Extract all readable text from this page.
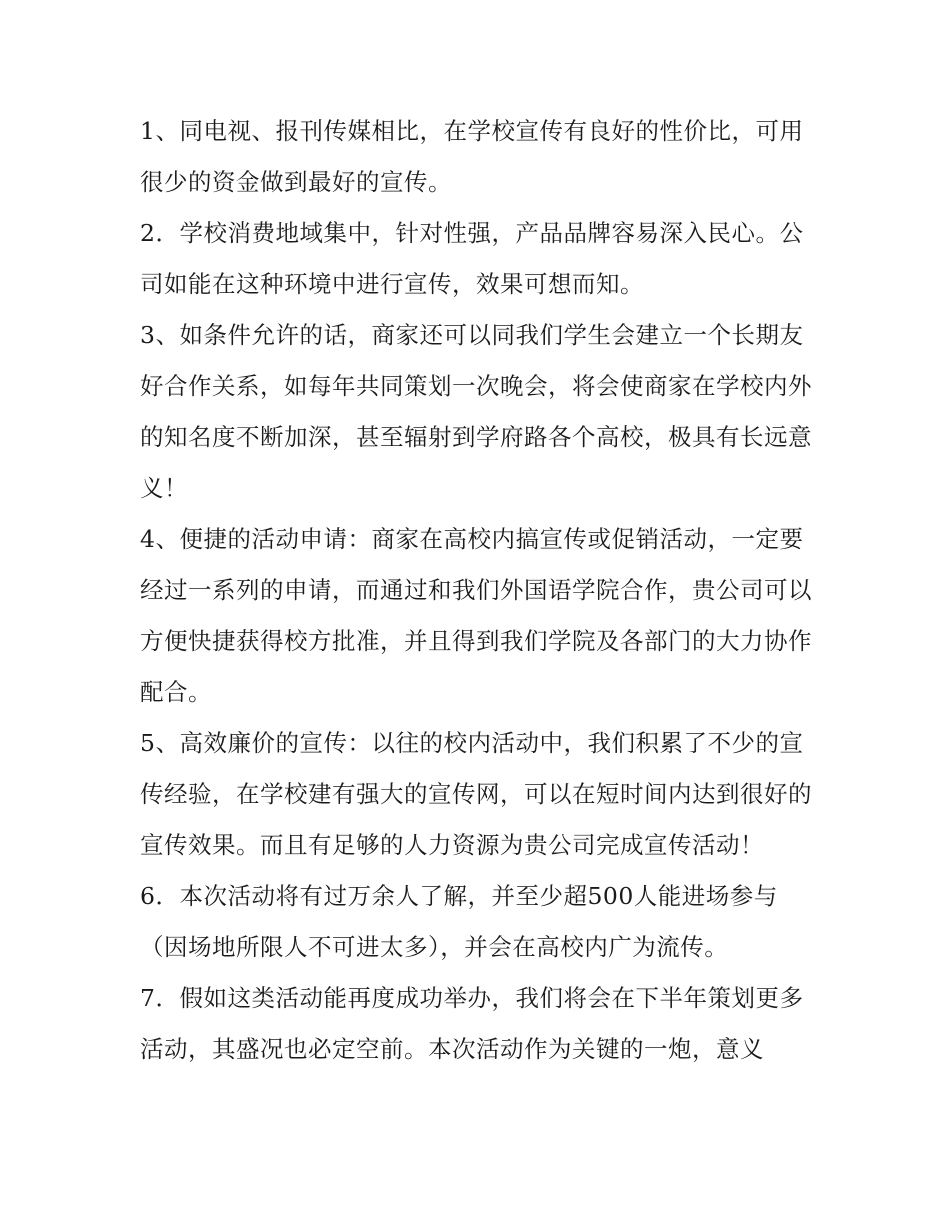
1、同电视、报刊传媒相比，在学校宣传有良好的性价比，可用很少的资金做到最好的宣传。

2．学校消费地域集中，针对性强，产品品牌容易深入民心。公司如能在这种环境中进行宣传，效果可想而知。

3、如条件允许的话，商家还可以同我们学生会建立一个长期友好合作关系，如每年共同策划一次晚会，将会使商家在学校内外的知名度不断加深，甚至辐射到学府路各个高校，极具有长远意义！

4、便捷的活动申请：商家在高校内搞宣传或促销活动，一定要经过一系列的申请，而通过和我们外国语学院合作，贵公司可以方便快捷获得校方批准，并且得到我们学院及各部门的大力协作配合。

5、高效廉价的宣传：以往的校内活动中，我们积累了不少的宣传经验，在学校建有强大的宣传网，可以在短时间内达到很好的宣传效果。而且有足够的人力资源为贵公司完成宣传活动！

6．本次活动将有过万余人了解，并至少超500人能进场参与（因场地所限人不可进太多），并会在高校内广为流传。

7．假如这类活动能再度成功举办，我们将会在下半年策划更多活动，其盛况也必定空前。本次活动作为关键的一炮，意义
